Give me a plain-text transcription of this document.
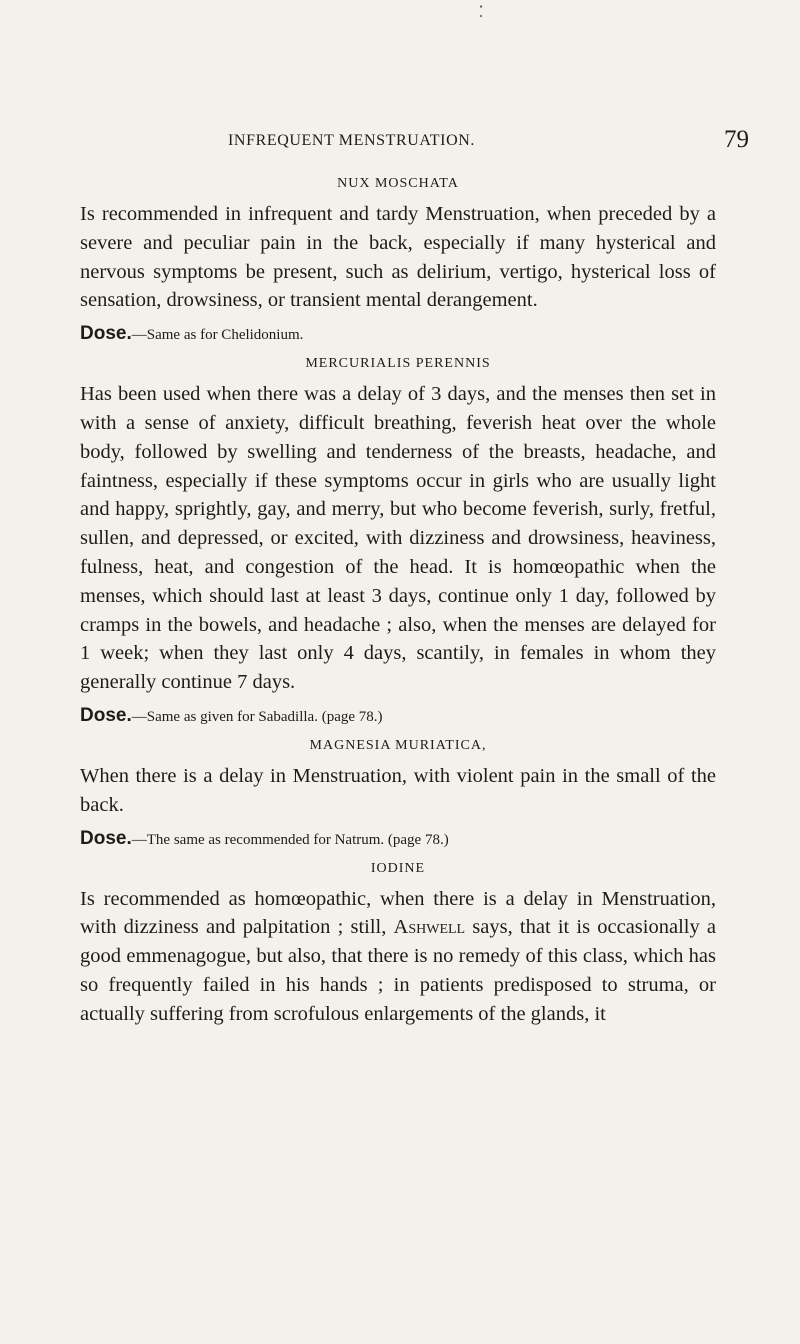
▪
•
INFREQUENT MENSTRUATION.	79
NUX MOSCHATA

Is recommended in infrequent and tardy Menstruation, when preceded by a severe and peculiar pain in the back, especially if many hysterical and nervous symptoms be present, such as delirium, vertigo, hysterical loss of sensation, drowsiness, or transient mental derangement.

Dose.—Same as for Chelidonium.
MERCURIALIS PERENNIS

Has been used when there was a delay of 3 days, and the menses then set in with a sense of anxiety, difficult breathing, feverish heat over the whole body, followed by swelling and tenderness of the breasts, headache, and faintness, especially if these symptoms occur in girls who are usually light and happy, sprightly, gay, and merry, but who become feverish, surly, fretful, sullen, and depressed, or excited, with dizziness and drowsiness, heaviness, fulness, heat, and congestion of the head. It is homœopathic when the menses, which should last at least 3 days, continue only 1 day, followed by cramps in the bowels, and headache ; also, when the menses are delayed for 1 week; when they last only 4 days, scantily, in females in whom they generally continue 7 days.

Dose.—Same as given for Sabadilla. (page 78.)
MAGNESIA MURIATICA,

When there is a delay in Menstruation, with violent pain in the small of the back.

Dose.—The same as recommended for Natrum. (page 78.)
IODINE

Is recommended as homœopathic, when there is a delay in Menstruation, with dizziness and palpitation ; still, Ashwell says, that it is occasionally a good emmenagogue, but also, that there is no remedy of this class, which has so frequently failed in his hands ; in patients predisposed to struma, or actually suffering from scrofulous enlargements of the glands, it
